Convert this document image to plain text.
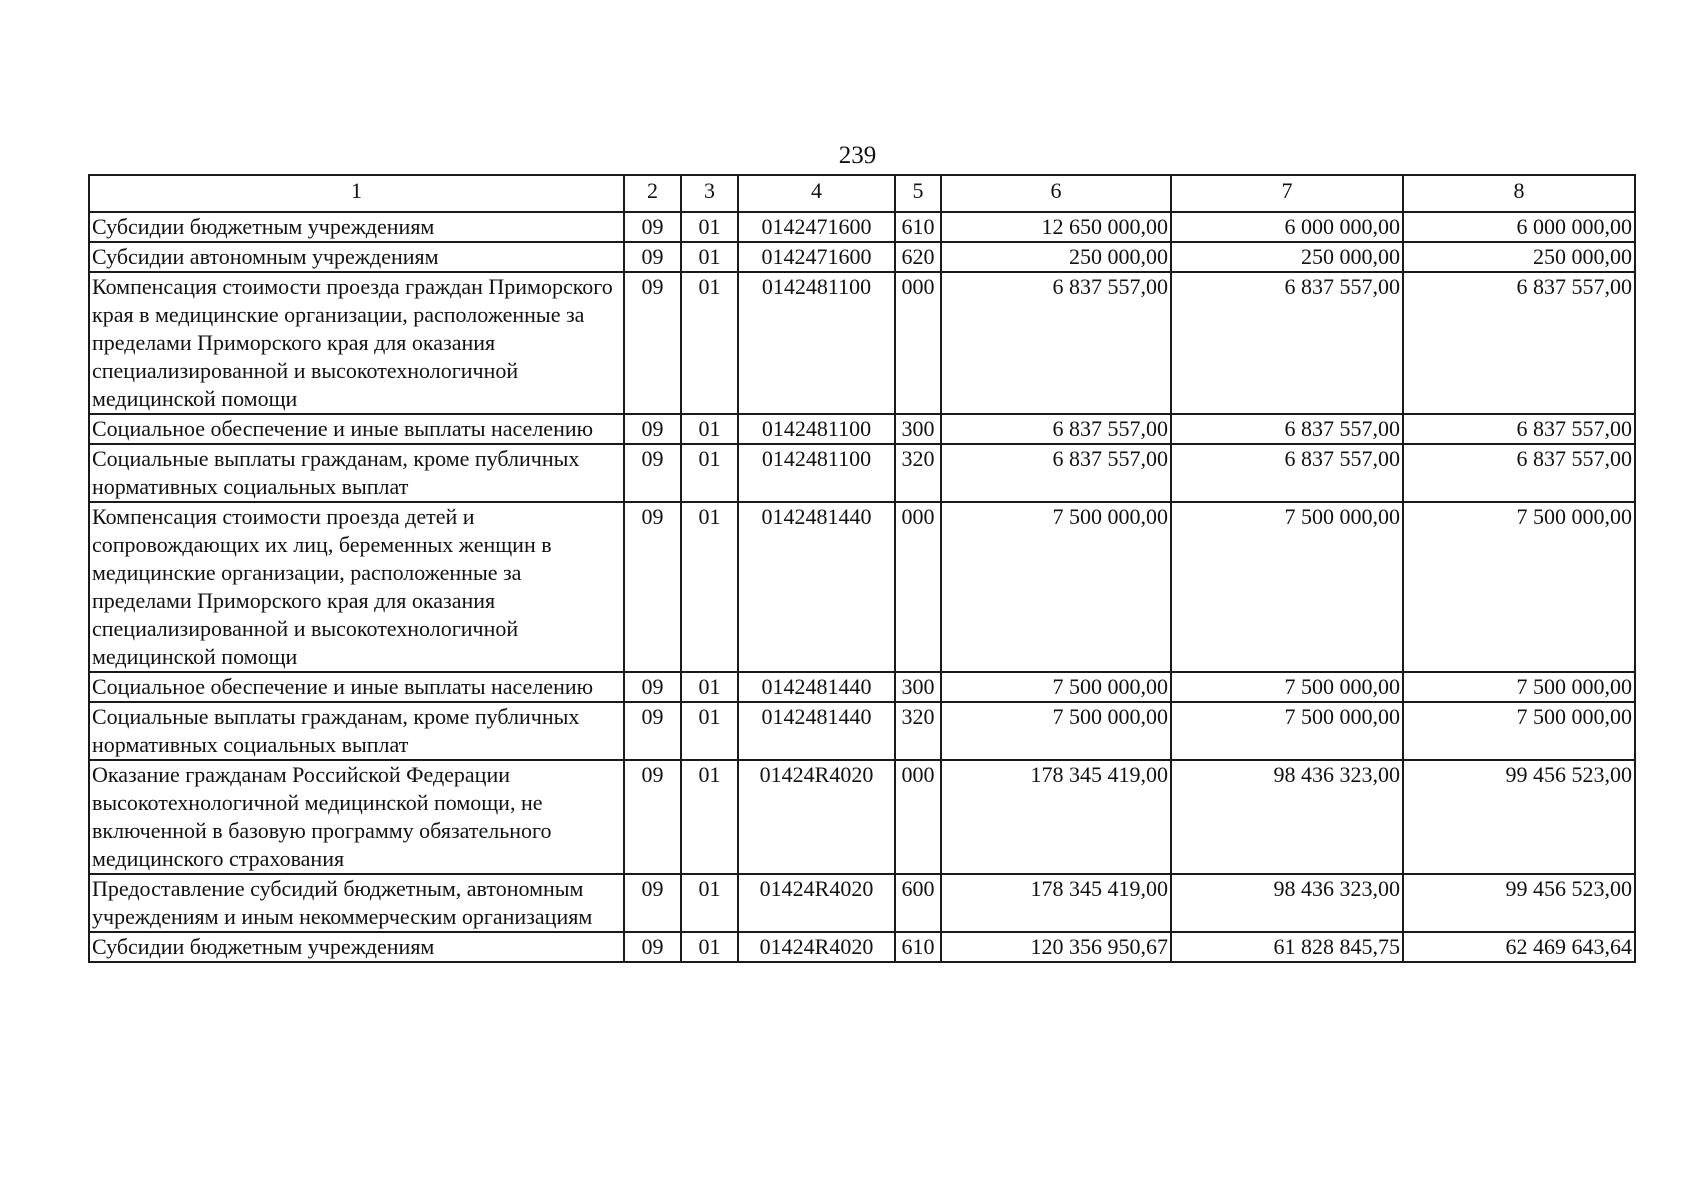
239
1	2	3	4	5	6	7	8
Субсидии бюджетным учреждениям	09	01	0142471600	610	12 650 000,00	6 000 000,00	6 000 000,00
Субсидии автономным учреждениям	09	01	0142471600	620	250 000,00	250 000,00	250 000,00
Компенсация стоимости проезда граждан Приморского края в медицинские организации, расположенные за пределами Приморского края для оказания специализированной и высокотехнологичной медицинской помощи	09	01	0142481100	000	6 837 557,00	6 837 557,00	6 837 557,00
Социальное обеспечение и иные выплаты населению	09	01	0142481100	300	6 837 557,00	6 837 557,00	6 837 557,00
Социальные выплаты гражданам, кроме публичных нормативных социальных выплат	09	01	0142481100	320	6 837 557,00	6 837 557,00	6 837 557,00
Компенсация стоимости проезда детей и сопровождающих их лиц, беременных женщин в медицинские организации, расположенные за пределами Приморского края для оказания специализированной и высокотехнологичной медицинской помощи	09	01	0142481440	000	7 500 000,00	7 500 000,00	7 500 000,00
Социальное обеспечение и иные выплаты населению	09	01	0142481440	300	7 500 000,00	7 500 000,00	7 500 000,00
Социальные выплаты гражданам, кроме публичных нормативных социальных выплат	09	01	0142481440	320	7 500 000,00	7 500 000,00	7 500 000,00
Оказание гражданам Российской Федерации высокотехнологичной медицинской помощи, не включенной в базовую программу обязательного медицинского страхования	09	01	01424R4020	000	178 345 419,00	98 436 323,00	99 456 523,00
Предоставление субсидий бюджетным, автономным учреждениям и иным некоммерческим организациям	09	01	01424R4020	600	178 345 419,00	98 436 323,00	99 456 523,00
Субсидии бюджетным учреждениям	09	01	01424R4020	610	120 356 950,67	61 828 845,75	62 469 643,64
